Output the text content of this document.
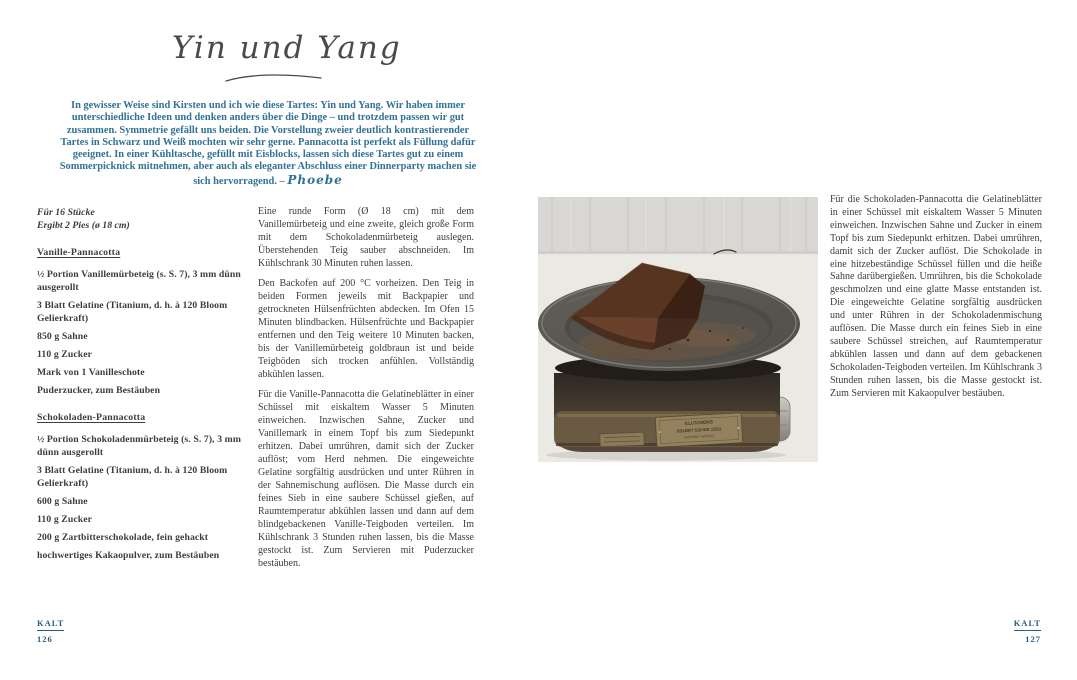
Yin und Yang
In gewisser Weise sind Kirsten und ich wie diese Tartes: Yin und Yang. Wir haben immer unterschiedliche Ideen und denken anders über die Dinge – und trotzdem passen wir gut zusammen. Symmetrie gefällt uns beiden. Die Vorstellung zweier deutlich kontrastierender Tartes in Schwarz und Weiß mochten wir sehr gerne. Pannacotta ist perfekt als Füllung dafür geeignet. In einer Kühltasche, gefüllt mit Eisblocks, lassen sich diese Tartes gut zu einem Sommerpicknick mitnehmen, aber auch als eleganter Abschluss einer Dinnerparty machen sie sich hervorragend. – Phoebe
Für 16 Stücke
Ergibt 2 Pies (ø 18 cm)
Vanille-Pannacotta
½ Portion Vanillemürbeteig (s. S. 7), 3 mm dünn ausgerollt
3 Blatt Gelatine (Titanium, d. h. à 120 Bloom Gelierkraft)
850 g Sahne
110 g Zucker
Mark von 1 Vanilleschote
Puderzucker, zum Bestäuben
Schokoladen-Pannacotta
½ Portion Schokoladenmürbeteig (s. S. 7), 3 mm dünn ausgerollt
3 Blatt Gelatine (Titanium, d. h. à 120 Bloom Gelierkraft)
600 g Sahne
110 g Zucker
200 g Zartbitterschokolade, fein gehackt
hochwertiges Kakaopulver, zum Bestäuben

Eine runde Form (Ø 18 cm) mit dem Vanillemürbeteig und eine zweite, gleich große Form mit dem Schokoladenmürbeteig auslegen. Überstehenden Teig sauber abschneiden. Im Kühlschrank 30 Minuten ruhen lassen.

Den Backofen auf 200 °C vorheizen. Den Teig in beiden Formen jeweils mit Backpapier und getrockneten Hülsenfrüchten abdecken. Im Ofen 15 Minuten blindbacken. Hülsenfrüchte und Backpapier entfernen und den Teig weitere 10 Minuten backen, bis der Vanillemürbeteig goldbraun ist und beide Teigböden sich trocken anfühlen. Vollständig abkühlen lassen.

Für die Vanille-Pannacotta die Gelatineblätter in einer Schüssel mit eiskaltem Wasser 5 Minuten einweichen. Inzwischen Sahne, Zucker und Vanillemark in einem Topf bis zum Siedepunkt erhitzen. Dabei umrühren, damit sich der Zucker auflöst; vom Herd nehmen. Die eingeweichte Gelatine sorgfältig ausdrücken und unter Rühren in der Sahnemischung auflösen. Die Masse durch ein feines Sieb in eine saubere Schüssel gießen, auf Raumtemperatur abkühlen lassen und dann auf dem blindgebackenen Vanille-Teigboden verteilen. Im Kühlschrank 3 Stunden ruhen lassen, bis die Masse gestockt ist. Zum Servieren mit Puderzucker bestäuben.

ENDECOTTS
TEST SIEVES LIMITED
LONDON, ENGLAND

Für die Schokoladen-Pannacotta die Gelatineblätter in einer Schüssel mit eiskaltem Wasser 5 Minuten einweichen. Inzwischen Sahne und Zucker in einem Topf bis zum Siedepunkt erhitzen. Dabei umrühren, damit sich der Zucker auflöst. Die Schokolade in eine hitzebeständige Schüssel füllen und die heiße Sahne darübergießen. Umrühren, bis die Schokolade geschmolzen und eine glatte Masse entstanden ist. Die eingeweichte Gelatine sorgfältig ausdrücken und unter Rühren in der Schokoladenmischung auflösen. Die Masse durch ein feines Sieb in eine saubere Schüssel streichen, auf Raumtemperatur abkühlen lassen und dann auf dem gebackenen Schokoladen-Teigboden verteilen. Im Kühlschrank 3 Stunden ruhen lassen, bis die Masse gestockt ist. Zum Servieren mit Kakaopulver bestäuben.

KALT
126
KALT
127
